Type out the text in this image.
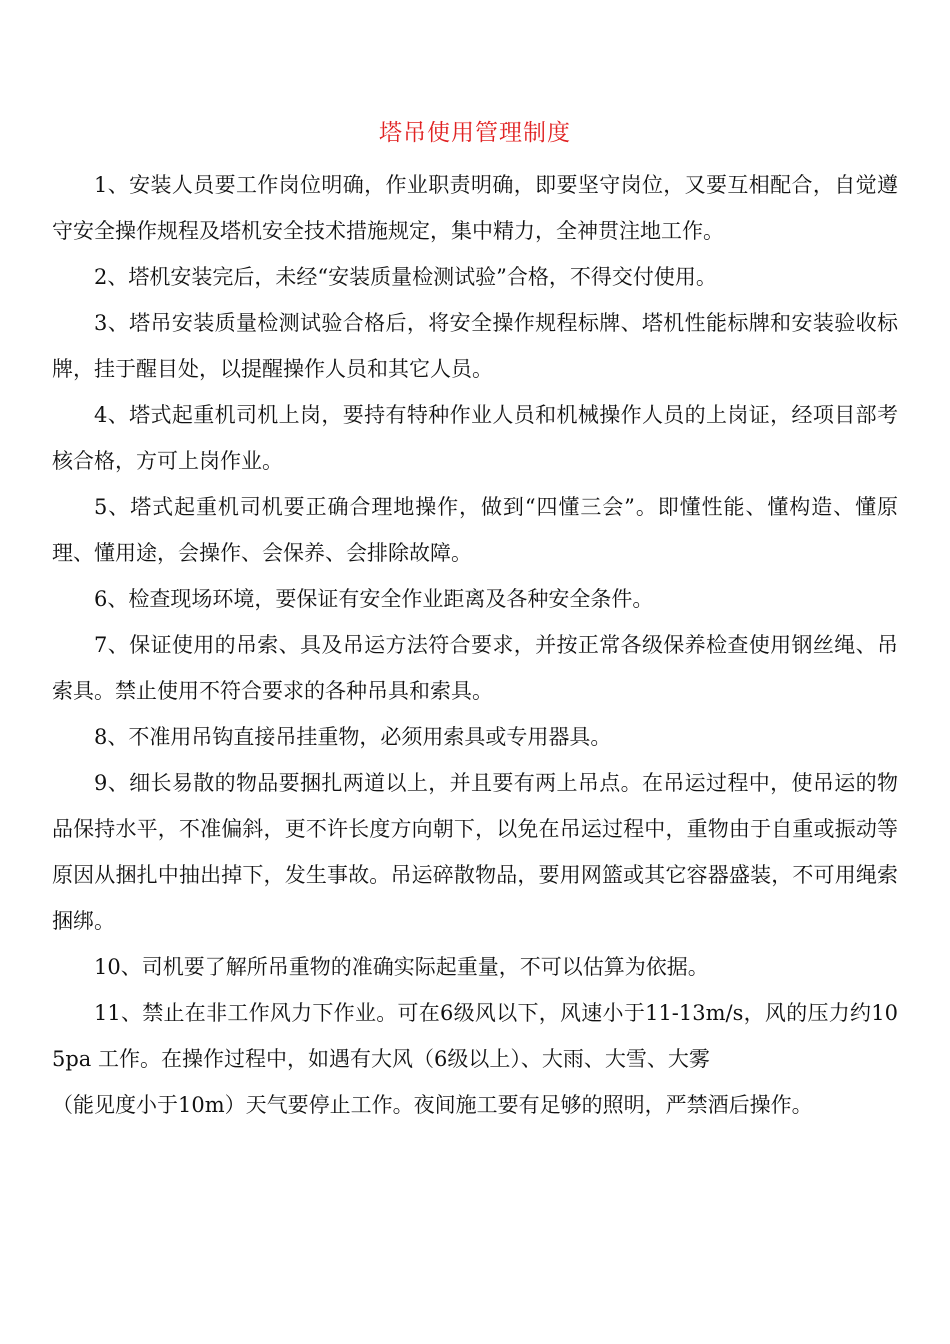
塔吊使用管理制度

1、安装人员要工作岗位明确，作业职责明确，即要坚守岗位，又要互相配合，自觉遵守安全操作规程及塔机安全技术措施规定，集中精力，全神贯注地工作。

2、塔机安装完后，未经“安装质量检测试验”合格，不得交付使用。

3、塔吊安装质量检测试验合格后，将安全操作规程标牌、塔机性能标牌和安装验收标牌，挂于醒目处，以提醒操作人员和其它人员。

4、塔式起重机司机上岗，要持有特种作业人员和机械操作人员的上岗证，经项目部考核合格，方可上岗作业。

5、塔式起重机司机要正确合理地操作，做到“四懂三会”。即懂性能、懂构造、懂原理、懂用途，会操作、会保养、会排除故障。

6、检查现场环境，要保证有安全作业距离及各种安全条件。

7、保证使用的吊索、具及吊运方法符合要求，并按正常各级保养检查使用钢丝绳、吊索具。禁止使用不符合要求的各种吊具和索具。

8、不准用吊钩直接吊挂重物，必须用索具或专用器具。

9、细长易散的物品要捆扎两道以上，并且要有两上吊点。在吊运过程中，使吊运的物品保持水平，不准偏斜，更不许长度方向朝下，以免在吊运过程中，重物由于自重或振动等原因从捆扎中抽出掉下，发生事故。吊运碎散物品，要用网篮或其它容器盛装，不可用绳索捆绑。

10、司机要了解所吊重物的准确实际起重量，不可以估算为依据。

11、禁止在非工作风力下作业。可在6级风以下，风速小于11-13m/s，风的压力约105pa 工作。在操作过程中，如遇有大风（6级以上）、大雨、大雪、大雾

（能见度小于10m）天气要停止工作。夜间施工要有足够的照明，严禁酒后操作。
